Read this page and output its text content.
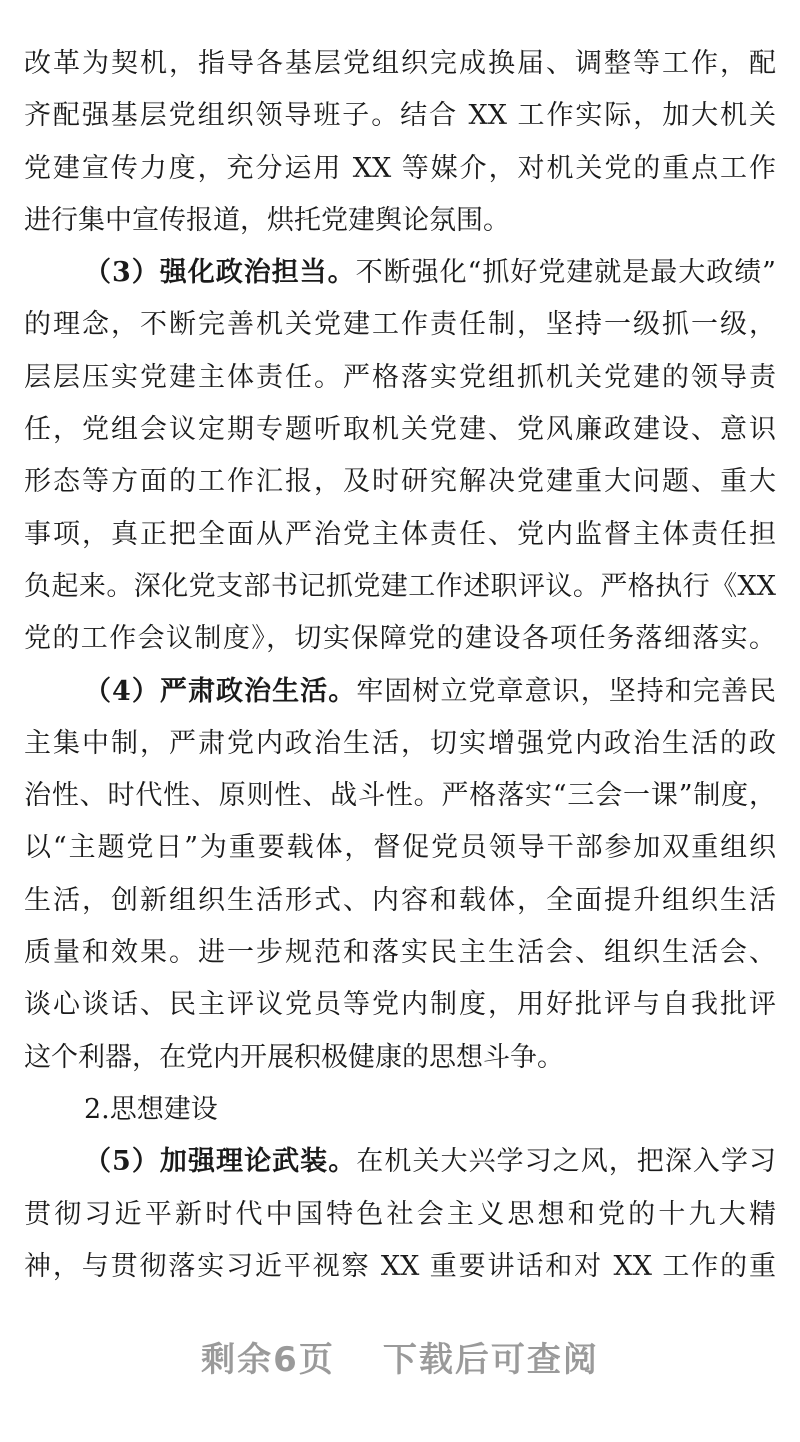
改革为契机，指导各基层党组织完成换届、调整等工作，配
齐配强基层党组织领导班子。结合 XX 工作实际，加大机关
党建宣传力度，充分运用 XX 等媒介，对机关党的重点工作
进行集中宣传报道，烘托党建舆论氛围。
（3）强化政治担当。不断强化“抓好党建就是最大政绩”
的理念，不断完善机关党建工作责任制，坚持一级抓一级，
层层压实党建主体责任。严格落实党组抓机关党建的领导责
任，党组会议定期专题听取机关党建、党风廉政建设、意识
形态等方面的工作汇报，及时研究解决党建重大问题、重大
事项，真正把全面从严治党主体责任、党内监督主体责任担
负起来。深化党支部书记抓党建工作述职评议。严格执行《XX
党的工作会议制度》，切实保障党的建设各项任务落细落实。
（4）严肃政治生活。牢固树立党章意识，坚持和完善民
主集中制，严肃党内政治生活，切实增强党内政治生活的政
治性、时代性、原则性、战斗性。严格落实“三会一课”制度，
以“主题党日”为重要载体，督促党员领导干部参加双重组织
生活，创新组织生活形式、内容和载体，全面提升组织生活
质量和效果。进一步规范和落实民主生活会、组织生活会、
谈心谈话、民主评议党员等党内制度，用好批评与自我批评
这个利器，在党内开展积极健康的思想斗争。
2.思想建设
（5）加强理论武装。在机关大兴学习之风，把深入学习
贯彻习近平新时代中国特色社会主义思想和党的十九大精
神，与贯彻落实习近平视察 XX 重要讲话和对 XX 工作的重
剩余6页 下载后可查阅
